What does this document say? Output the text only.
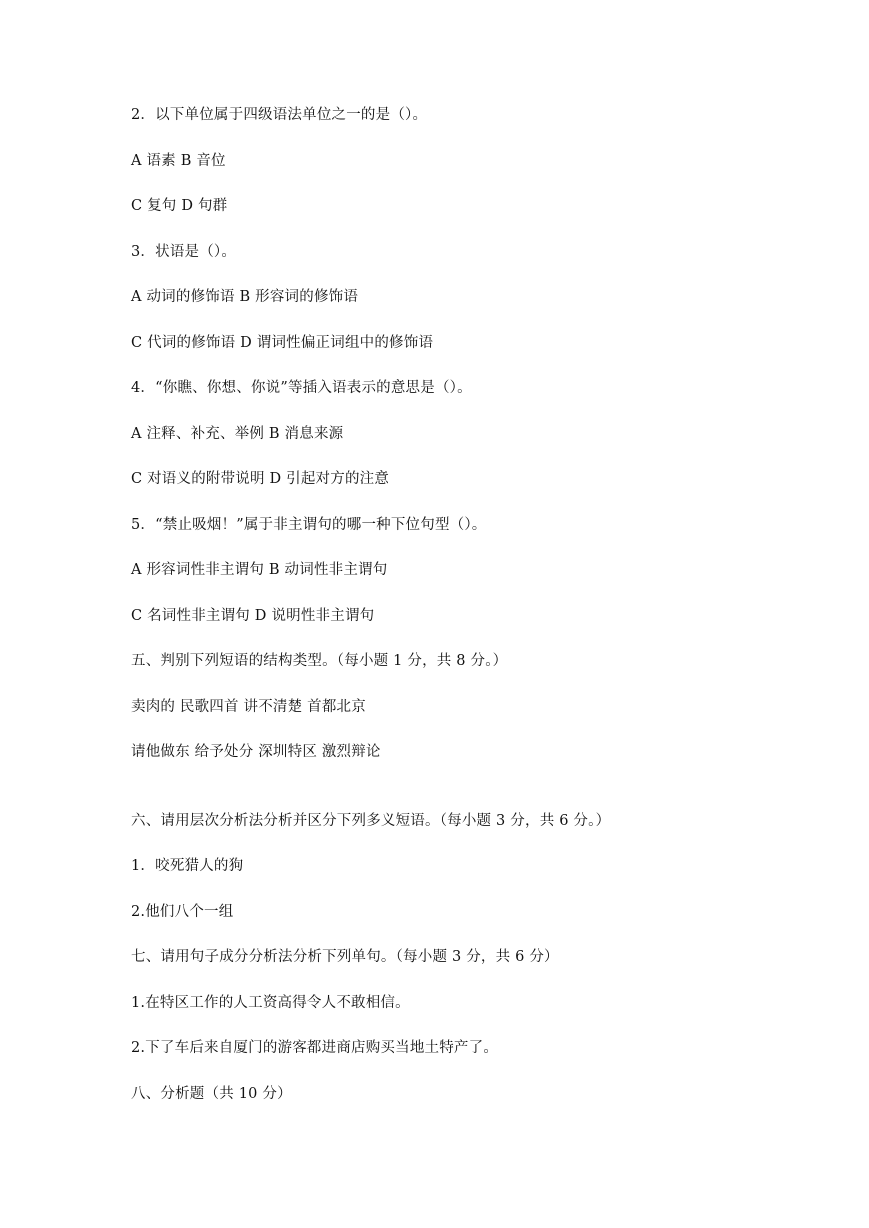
2．以下单位属于四级语法单位之一的是（）。

A 语素 B 音位

C 复句 D 句群

3．状语是（）。

A 动词的修饰语 B 形容词的修饰语

C 代词的修饰语 D 谓词性偏正词组中的修饰语

4．“你瞧、你想、你说”等插入语表示的意思是（）。

A 注释、补充、举例 B 消息来源

C 对语义的附带说明 D 引起对方的注意

5．“禁止吸烟！”属于非主谓句的哪一种下位句型（）。

A 形容词性非主谓句 B 动词性非主谓句

C 名词性非主谓句 D 说明性非主谓句

五、判别下列短语的结构类型。（每小题 1 分，共 8 分。）

卖肉的 民歌四首 讲不清楚 首都北京

请他做东 给予处分 深圳特区 激烈辩论

六、请用层次分析法分析并区分下列多义短语。（每小题 3 分，共 6 分。）

1．咬死猎人的狗

2.他们八个一组

七、请用句子成分分析法分析下列单句。（每小题 3 分，共 6 分）

1.在特区工作的人工资高得令人不敢相信。

2.下了车后来自厦门的游客都进商店购买当地土特产了。

八、分析题（共 10 分）
